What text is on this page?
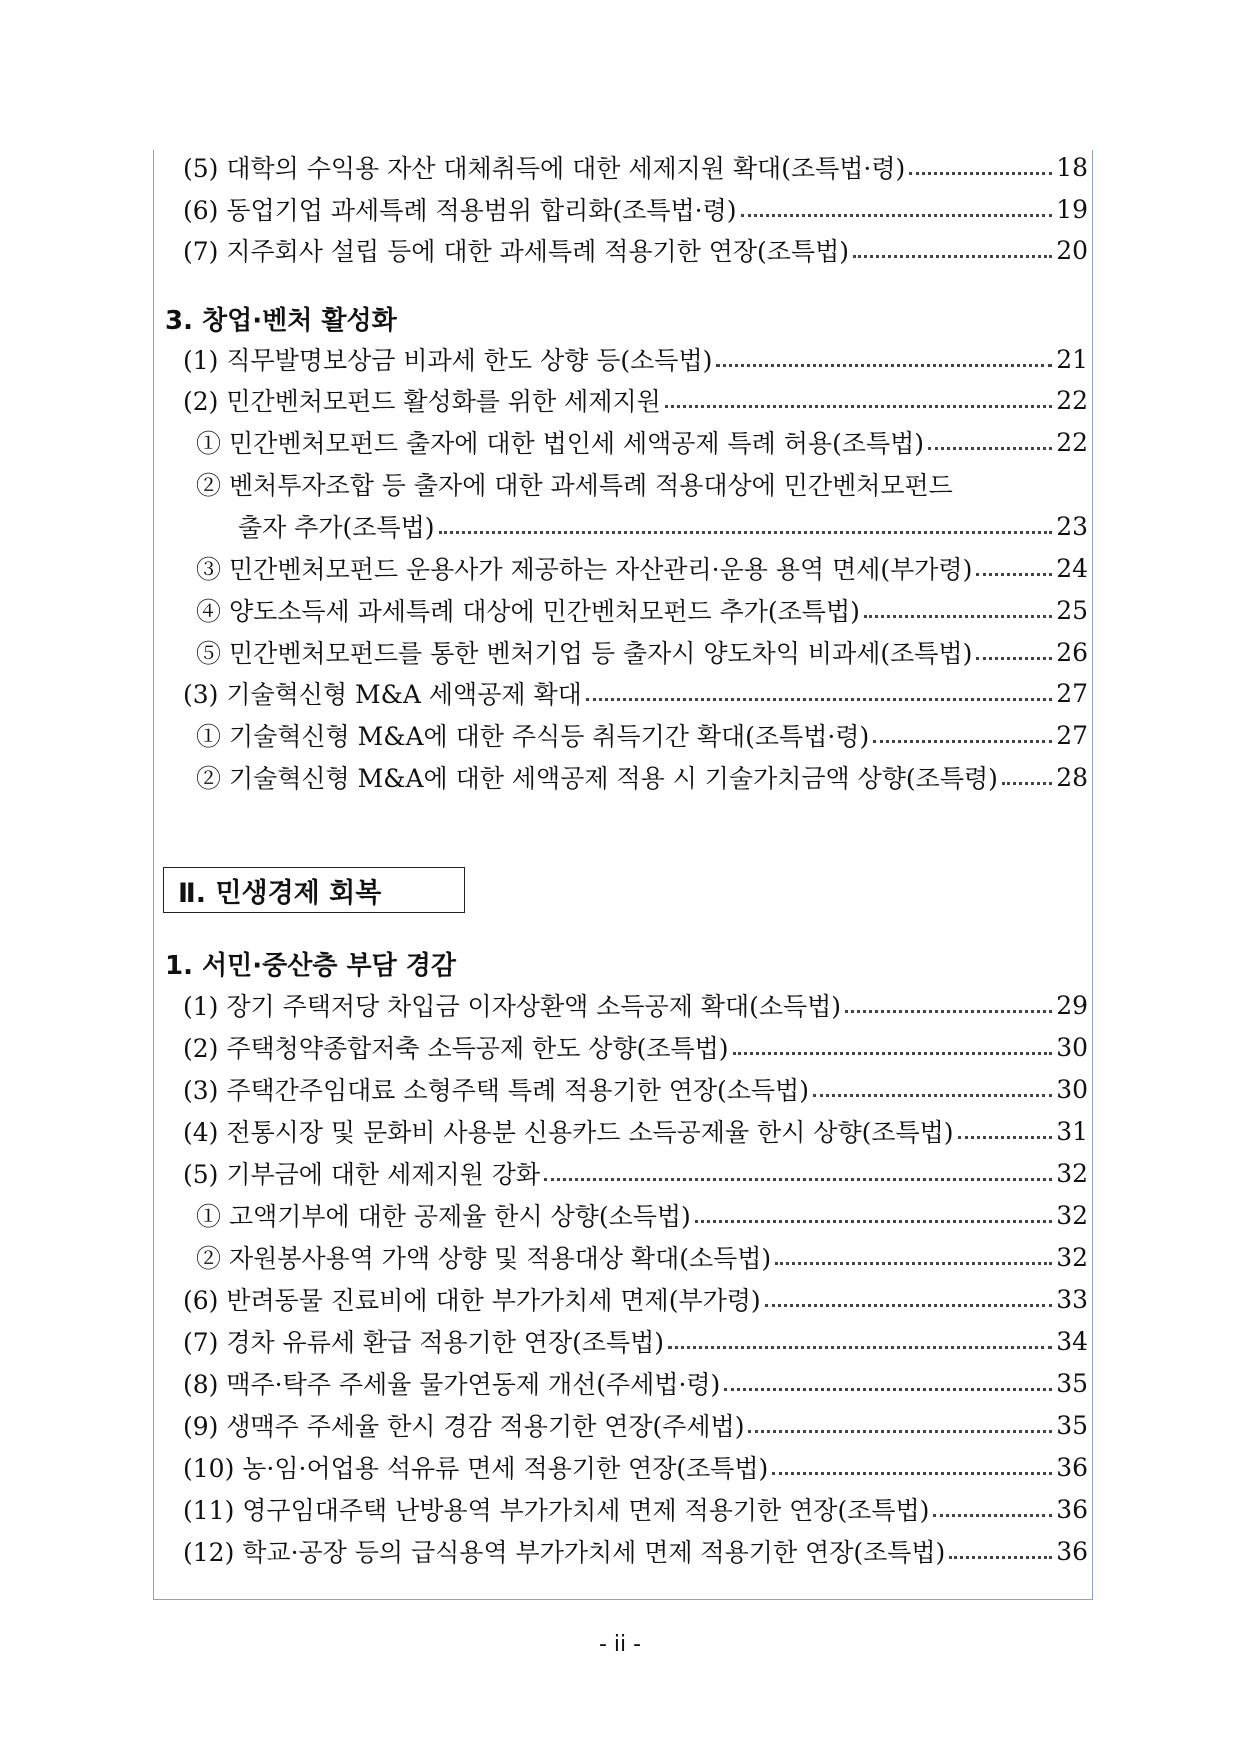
(5) 대학의 수익용 자산 대체취득에 대한 세제지원 확대(조특법·령)	18
(6) 동업기업 과세특례 적용범위 합리화(조특법·령)	19
(7) 지주회사 설립 등에 대한 과세특례 적용기한 연장(조특법)	20
3. 창업·벤처 활성화
(1) 직무발명보상금 비과세 한도 상향 등(소득법)	21
(2) 민간벤처모펀드 활성화를 위한 세제지원	22
① 민간벤처모펀드 출자에 대한 법인세 세액공제 특례 허용(조특법)	22
② 벤처투자조합 등 출자에 대한 과세특례 적용대상에 민간벤처모펀드
출자 추가(조특법)	23
③ 민간벤처모펀드 운용사가 제공하는 자산관리·운용 용역 면세(부가령)	24
④ 양도소득세 과세특례 대상에 민간벤처모펀드 추가(조특법)	25
⑤ 민간벤처모펀드를 통한 벤처기업 등 출자시 양도차익 비과세(조특법)	26
(3) 기술혁신형 M&A 세액공제 확대	27
① 기술혁신형 M&A에 대한 주식등 취득기간 확대(조특법·령)	27
② 기술혁신형 M&A에 대한 세액공제 적용 시 기술가치금액 상향(조특령) 28
Ⅱ. 민생경제 회복
1. 서민·중산층 부담 경감
(1) 장기 주택저당 차입금 이자상환액 소득공제 확대(소득법)	29
(2) 주택청약종합저축 소득공제 한도 상향(조특법)	30
(3) 주택간주임대료 소형주택 특례 적용기한 연장(소득법)	30
(4) 전통시장 및 문화비 사용분 신용카드 소득공제율 한시 상향(조특법)	31
(5) 기부금에 대한 세제지원 강화	32
① 고액기부에 대한 공제율 한시 상향(소득법)	32
② 자원봉사용역 가액 상향 및 적용대상 확대(소득법)	32
(6) 반려동물 진료비에 대한 부가가치세 면제(부가령)	33
(7) 경차 유류세 환급 적용기한 연장(조특법)	34
(8) 맥주·탁주 주세율 물가연동제 개선(주세법·령)	35
(9) 생맥주 주세율 한시 경감 적용기한 연장(주세법)	35
(10) 농·임·어업용 석유류 면세 적용기한 연장(조특법)	36
(11) 영구임대주택 난방용역 부가가치세 면제 적용기한 연장(조특법)	36
(12) 학교·공장 등의 급식용역 부가가치세 면제 적용기한 연장(조특법)	36
- ii -
